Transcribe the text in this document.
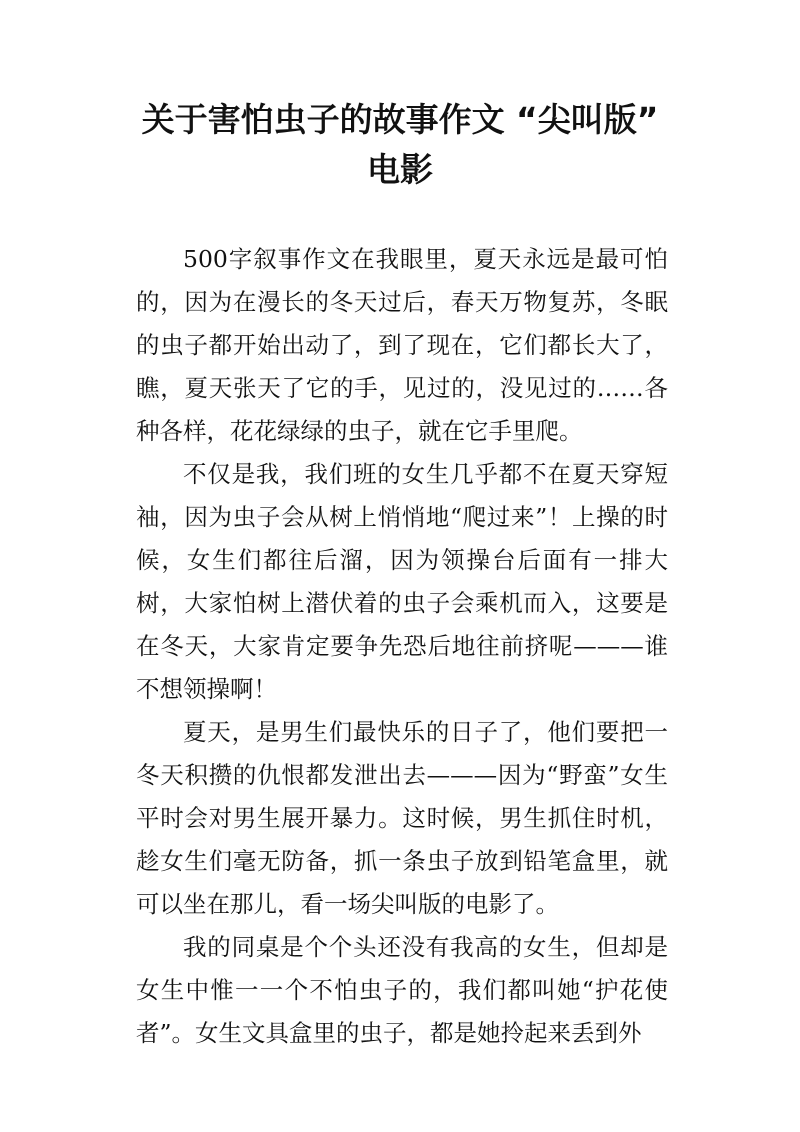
关于害怕虫子的故事作文 “尖叫版”
电影

500字叙事作文在我眼里，夏天永远是最可怕的，因为在漫长的冬天过后，春天万物复苏，冬眠的虫子都开始出动了，到了现在，它们都长大了，瞧，夏天张天了它的手，见过的，没见过的……各种各样，花花绿绿的虫子，就在它手里爬。

不仅是我，我们班的女生几乎都不在夏天穿短袖，因为虫子会从树上悄悄地“爬过来”！上操的时候，女生们都往后溜，因为领操台后面有一排大树，大家怕树上潜伏着的虫子会乘机而入，这要是在冬天，大家肯定要争先恐后地往前挤呢———谁不想领操啊！

夏天，是男生们最快乐的日子了，他们要把一冬天积攒的仇恨都发泄出去———因为“野蛮”女生平时会对男生展开暴力。这时候，男生抓住时机，趁女生们毫无防备，抓一条虫子放到铅笔盒里，就可以坐在那儿，看一场尖叫版的电影了。

我的同桌是个个头还没有我高的女生，但却是女生中惟一一个不怕虫子的，我们都叫她“护花使者”。女生文具盒里的虫子，都是她拎起来丢到外
